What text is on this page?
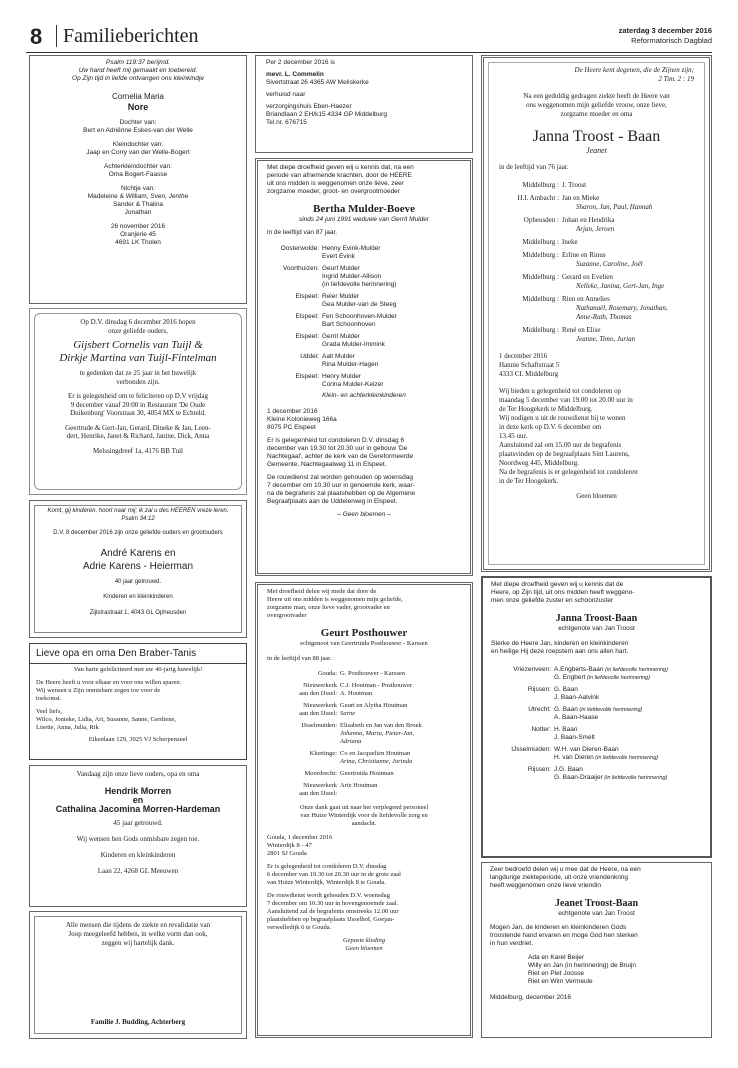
8	Familieberichten	zaterdag 3 december 2016
Reformatorisch Dagblad
Psalm 119:37 berijmd.
Uw hand heeft mij gemaakt en toebereid.
Op Zijn tijd in liefde ontvangen ons kleinkindje
Cornelia Maria
Nore
Dochter van:
Bert en Adriënne Eskes-van der Welle
Kleindochter van:
Jaap en Corry van der Welle-Bogert
Achterkleindochter van:
Oma Bogert-Faasse
Nichtje van:
Madeleine & William, Sven, Jenthe
Sander & Thalina
Jonathan
26 november 2016
Oranjerie 45
4691 LK Tholen
Op D.V. dinsdag 6 december 2016 hopen
onze geliefde ouders,
Gijsbert Cornelis van Tuijl &
Dirkje Martina van Tuijl-Fintelman
te gedenken dat ze 25 jaar in het huwelijk
verbonden zijn.
Er is gelegenheid om te feliciteren op D.V vrijdag
9 december vanaf 20:00 in Restaurant 'De Oude
Duikenburg' Voorstraat 30, 4054 MX te Echteld.
Geertrude & Gert-Jan, Gerard, Dineke & Jan, Leen-
dert, Henrike, Janet & Richard, Janine, Dick, Anna
Melssingdreef 1a, 4176 BB Tuil
Komt, gij kinderen, hoort naar mij; ik zal u des HEEREN vreze leren.
Psalm 34:12
D.V. 8 december 2016 zijn onze geliefde ouders en grootouders
André Karens en
Adrie Karens - Heierman
40 jaar getrouwd.
Kinderen en kleinkinderen
Zijlstrastraat 1, 4043 GL Opheusden
Lieve opa en oma Den Braber-Tanis
Van harte gefeliciteerd met uw 40-jarig huwelijk!
De Heere heeft u voor elkaar en voor ons willen sparen.
Wij wensen u Zijn onmisbare zegen toe voor de
toekomst.
Veel liefs,
Wilco, Jonieke, Lidia, Art, Susanne, Sanne, Gerdiene,
Lisette, Anna, Julia, Rik
Eikenlaan 129, 3925 VJ Scherpenzeel
Vandaag zijn onze lieve ouders, opa en oma
Hendrik Morren
en
Cathalina Jacomina Morren-Hardeman
45 jaar getrouwd.
Wij wensen hen Gods onmisbare zegen toe.
Kinderen en kleinkinderen
Laan 22, 4268 GL Meeuwen
Alle mensen die tijdens de ziekte en revalidatie van
Joop meegeleefd hebben, in welke vorm dan ook,
zeggen wij hartelijk dank.
Familie J. Budding, Achterberg
Per 2 december 2016 is
mevr. L. Commelin
Sivertstraat 26 4365 AW Meliskerke
verhuisd naar
verzorgingshuis Eben-Haezer
Briandlaan 2 EH/k15 4334 GP Middelburg
Tel.nr. 676715
Met diepe droefheid geven wij u kennis dat, na een
periode van afnemende krachten, door de HEERE
uit ons midden is weggenomen onze lieve, zeer
zorgzame moeder, groot- en overgrootmoeder
Bertha Mulder-Boeve
sinds 24 juni 1991 weduwe van Gerrit Mulder
in de leeftijd van 87 jaar.
Oosterwolde:	Henny Evink-Mulder
Evert Evink

Voorthuizen:	Geurt Mulder
Ingrid Mulder-Allison
(in liefdevolle herinnering)

Elspeet:	Reier Mulder
Gea Mulder-van de Steeg

Elspeet:	Fen Schoonhoven-Mulder
Bart Schoonhoven

Elspeet:	Gerrit Mulder
Grada Mulder-Immink

Uddel:	Aalt Mulder
Rina Mulder-Hagen

Elspeet:	Henry Mulder
Corina Mulder-Keizer
Klein- en achterkleinkinderen
1 december 2016
Kleine Kolonieweg 166a
8075 PC Elspeet
Er is gelegenheid tot condoleren D.V. dinsdag 6
december van 19.30 tot 20.30 uur in gebouw 'De
Nachtegaal', achter de kerk van de Gereformeerde
Gemeente, Nachtegaalweg 11 in Elspeet.
De rouwdienst zal worden gehouden op woensdag
7 december om 10.30 uur in genoemde kerk, waar-
na de begrafenis zal plaatshebben op de Algemene
Begraafplaats aan de Uddelerweg in Elspeet.
– Geen bloemen –
Met droefheid delen wij mede dat door de
Heere uit ons midden is weggenomen mijn geliefde,
zorgzame man, onze lieve vader, grootvader en
overgrootvader
Geurt Posthouwer
echtgenoot van Geertruida Posthouwer - Karssen
in de leeftijd van 88 jaar.
Gouda:	G. Posthouwer - Karssen

Nieuwerkerk
aan den IJssel:	C.J. Houtman - Posthouwer
A. Houtman

Nieuwerkerk
aan den IJssel:	Geurt en Alytha Houtman
Sarne

IJsselmuiden:	Elisabeth en Jan van den Broek
Johanna, Maria, Pieter-Jan,
Adriana

Kloetinge:	Co en Jacquelien Houtman
Arina, Christianne, Jorinda

Moordrecht:	Geertruida Houtman

Nieuwerkerk
aan den IJssel:	Arie Houtman
Onze dank gaat uit naar het verplegend personeel
van Huize Winterdijk voor de liefdevolle zorg en
aandacht.
Gouda, 1 december 2016
Winterdijk 8 - 47
2801 SJ Gouda
Er is gelegenheid tot condoleren D.V. dinsdag
6 december van 19.30 tot 20.30 uur in de grote zaal
van Huize Winterdijk, Winterdijk 8 te Gouda.
De rouwdienst wordt gehouden D.V. woensdag
7 december om 10.30 uur in hovengenoemde zaal.
Aansluitend zal de begrafenis omstreeks 12.00 uur
plaatshebben op begraafplaats IJsselhof, Goejan-
verwelledijk 6 te Gouda.
Gepaste kleding
Geen bloemen
De Heere kent degenen, die de Zijnen zijn;
2 Tim. 2 : 19
Na een geduldig gedragen ziekte heeft de Heere van
ons weggenomen mijn geliefde vrouw, onze lieve,
zorgzame moeder en oma
Janna Troost - Baan
Jeanet
in de leeftijd van 76 jaar.
Middelburg :	J. Troost

H.I. Ambacht :	Jan en Mieke
Sharon, Jan, Paul, Hannah

Opheusden :	Johan en Hendrika
Arjan, Jeroen

Middelburg :	Ineke

Middelburg :	Erline en Rinus
Suzanne, Caroline, Joël

Middelburg :	Gerard en Evelien
Nelleke, Janina, Gert-Jan, Inge

Middelburg :	Rien en Annelies
Nathanaël, Rosemary, Jonathan,
Anne-Ruth, Thomas

Middelburg :	René en Elise
Jeanne, Timo, Jurian
1 december 2016
Hannie Schaftstraat 5
4333 CL Middelburg
Wij bieden u gelegenheid tot condoleren op
maandag 5 december van 19.00 tot 20.00 uur in
de Ter Hoogekerk te Middelburg.
Wij nodigen u uit de rouwdienst bij te wonen
in deze kerk op D.V. 6 december om
13.45 uur.
Aansluitend zal om 15.00 uur de begrafenis
plaatsvinden op de begraafplaats Sint Laurens,
Noordweg 445, Middelburg.
Na de begrafenis is er gelegenheid tot condoleren
in de Ter Hoogekerk.
Geen bloemen
Met diepe droefheid geven wij u kennis dat de
Heere, op Zijn tijd, uit ons midden heeft weggeno-
men onze geliefde zuster en schoonzuster
Janna Troost-Baan
echtgenote van Jan Troost
Sterke de Heere Jan, kinderen en kleinkinderen
en heilige Hij deze roepstem aan ons allen hart.
Vriezenveen:	A.Engberts-Baan (in liefdevolle herinnering)
G. Engbert (in liefdevolle herinnering)

Rijssen:	G. Baan
J. Baan-Aalvink

Utrecht:	G. Baan (in liefdevolle herinnering)
A. Baan-Haase

Notter:	H. Baan
J. Baan-Smelt

IJsselmuiden:	W.H. van Dieren-Baan
H. van Dieren (in liefdevolle herinnering)

Rijssen:	J.G. Baan
G. Baan-Draaijer (in liefdevolle herinnering)
Zeer bedroefd delen wij u mee dat de Heere, na een
langdurige ziekteperiode, uit onze vriendenkring
heeft weggenomen onze lieve vriendin
Jeanet Troost-Baan
echtgenote van Jan Troost
Mogen Jan, de kinderen en kleinkinderen Gods
troostende hand ervaren en moge God hen sterken
in hun verdriet.
Ada en Karel Beijer
Willy en Jan (in herinnering) de Bruijn
Riet en Piet Joosse
Riet en Wim Vermeule
Middelburg, december 2016
